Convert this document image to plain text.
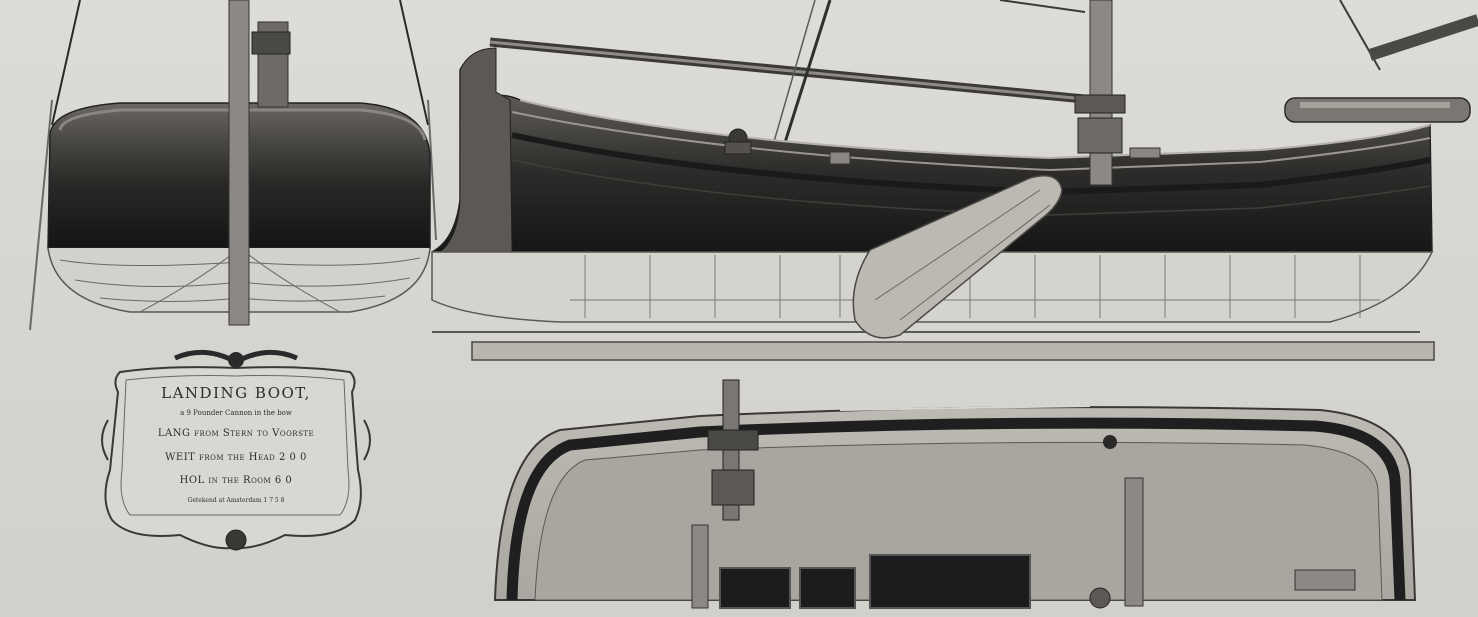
LANDING BOOT,
a 9 Pounder Cannon in the bow
LANG from Stern to Voorste
WEIT from the Head 2 0 0
HOL in the Room 6 0
Getekend at Amsterdam 1 7 5 8
